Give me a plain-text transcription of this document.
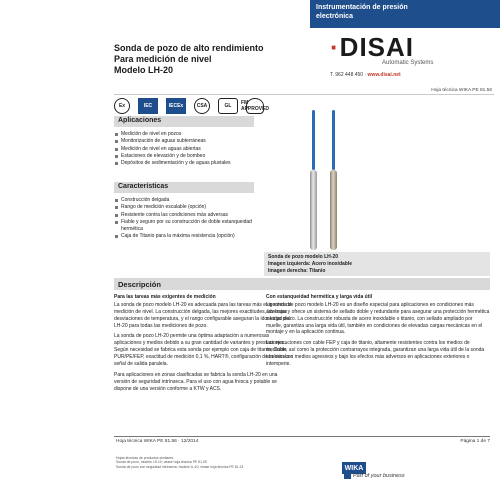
Instrumentación de presión
electrónica
·DISAI
Automatic Systems
T. 962 448 450 · www.disai.net
Sonda de pozo de alto rendimiento
Para medición de nivel
Modelo LH-20
Hoja técnica WIKA PE 81.56
Ex	IEC	IECEx	CSA	GL	FM APPROVED
Aplicaciones
Medición de nivel en pozos
Monitorización de aguas subterráneas
Medición de nivel en aguas abiertas
Estaciones de elevación y de bombeo
Depósitos de sedimentación y de aguas pluviales
Características
Construcción delgada
Rango de medición escalable (opción)
Resistente contra las condiciones más adversas
Fiable y seguro por su construcción de doble estanqueidad hermética
Caja de Titanio para la máxima resistencia (opción)
Sonda de pozo modelo LH-20
Imagen izquierda: Acero inoxidable
Imagen derecha: Titanio
Descripción
Para las tareas más exigentes de medición

La sonda de pozo modelo LH-20 es adecuada para las tareas más exigentes de medición de nivel. La construcción delgada, las mejores exactitudes, las bajas desviaciones de temperatura, y el rango configurable aseguran la idoneidad del LH-20 para todas las mediciones de pozo.

La sonda de pozo LH-20 permite una óptima adaptación a numerosas aplicaciones y medios debido a su gran cantidad de variantes y prestaciones. Según necesidad se fabrica esta sonda por ejemplo con caja de titanio, Cable PUR/PE/FEP, exactitud de medición 0,1 %, HART®, configuración de la escala o señal de salida paralela.

Para aplicaciones en zonas clasificadas se fabrica la sonda LH-20 en una versión de seguridad intrínseca. Para el uso con agua fresca y potable se dispone de una versión conforme a KTW y ACS.

Con estanqueidad hermética y larga vida útil

La sonda de pozo modelo LH-20 es un diseño especial para aplicaciones en condiciones más adversas y ofrece un sistema de sellado doble y redundante para asegurar una protección hermética a largo plazo. La construcción robusta de acero inoxidable o titanio, con sellado ampliado por muelle, garantiza una larga vida útil, también en condiciones de elevadas cargas mecánicas en el montaje y en la aplicación continua.

Las ejecuciones con cable FEP y caja de titanio, altamente resistentes contra los medios de medición, así como la protección contrarrayos integrada, garantizan una larga vida útil de la sonda también con medios agresivos y bajo los efectos más adversos en aplicaciones exteriores o intemperie.

Hoja técnica WIKA PE 81.56 · 12/2014	Página 1 de 7
Hojas técnicas de productos similares:
Sonda de pozo, modelo LS-10; véase hoja técnica PE 81.09
Sonda de pozo con seguridad intrínseca, modelo IL-10; véase hoja técnica PE 81.23	WIKA
Part of your business
